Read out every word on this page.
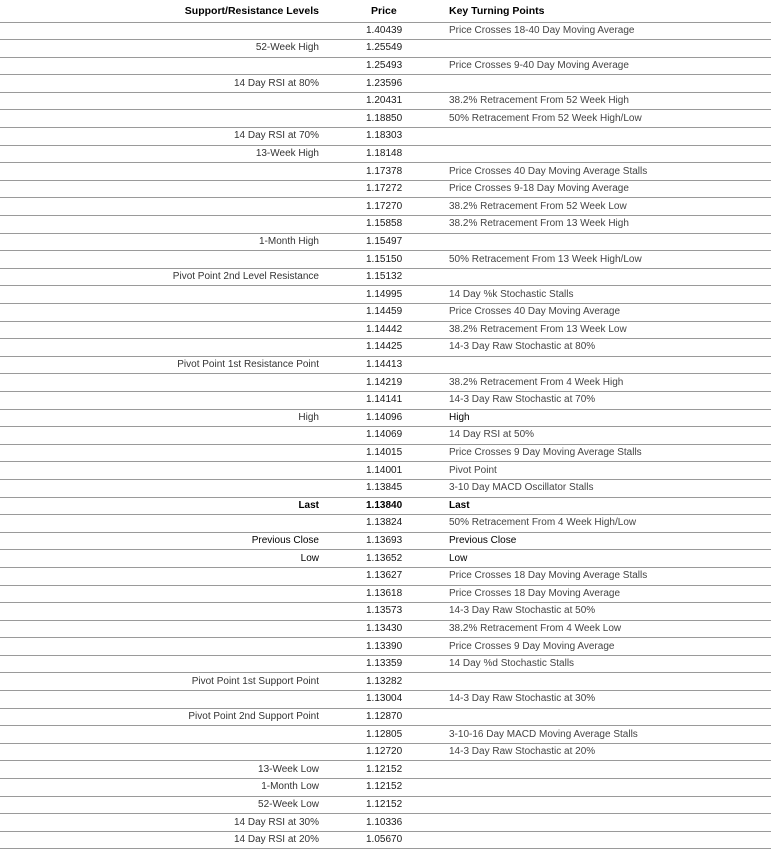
Support/Resistance Levels	Price	Key Turning Points
	1.40439	Price Crosses 18-40 Day Moving Average
52-Week High	1.25549	
	1.25493	Price Crosses 9-40 Day Moving Average
14 Day RSI at 80%	1.23596	
	1.20431	38.2% Retracement From 52 Week High
	1.18850	50% Retracement From 52 Week High/Low
14 Day RSI at 70%	1.18303	
13-Week High	1.18148	
	1.17378	Price Crosses 40 Day Moving Average Stalls
	1.17272	Price Crosses 9-18 Day Moving Average
	1.17270	38.2% Retracement From 52 Week Low
	1.15858	38.2% Retracement From 13 Week High
1-Month High	1.15497	
	1.15150	50% Retracement From 13 Week High/Low
Pivot Point 2nd Level Resistance	1.15132	
	1.14995	14 Day %k Stochastic Stalls
	1.14459	Price Crosses 40 Day Moving Average
	1.14442	38.2% Retracement From 13 Week Low
	1.14425	14-3 Day Raw Stochastic at 80%
Pivot Point 1st Resistance Point	1.14413	
	1.14219	38.2% Retracement From 4 Week High
	1.14141	14-3 Day Raw Stochastic at 70%
High	1.14096	High
	1.14069	14 Day RSI at 50%
	1.14015	Price Crosses 9 Day Moving Average Stalls
	1.14001	Pivot Point
	1.13845	3-10 Day MACD Oscillator Stalls
Last	1.13840	Last
	1.13824	50% Retracement From 4 Week High/Low
Previous Close	1.13693	Previous Close
Low	1.13652	Low
	1.13627	Price Crosses 18 Day Moving Average Stalls
	1.13618	Price Crosses 18 Day Moving Average
	1.13573	14-3 Day Raw Stochastic at 50%
	1.13430	38.2% Retracement From 4 Week Low
	1.13390	Price Crosses 9 Day Moving Average
	1.13359	14 Day %d Stochastic Stalls
Pivot Point 1st Support Point	1.13282	
	1.13004	14-3 Day Raw Stochastic at 30%
Pivot Point 2nd Support Point	1.12870	
	1.12805	3-10-16 Day MACD Moving Average Stalls
	1.12720	14-3 Day Raw Stochastic at 20%
13-Week Low	1.12152	
1-Month Low	1.12152	
52-Week Low	1.12152	
14 Day RSI at 30%	1.10336	
14 Day RSI at 20%	1.05670	
